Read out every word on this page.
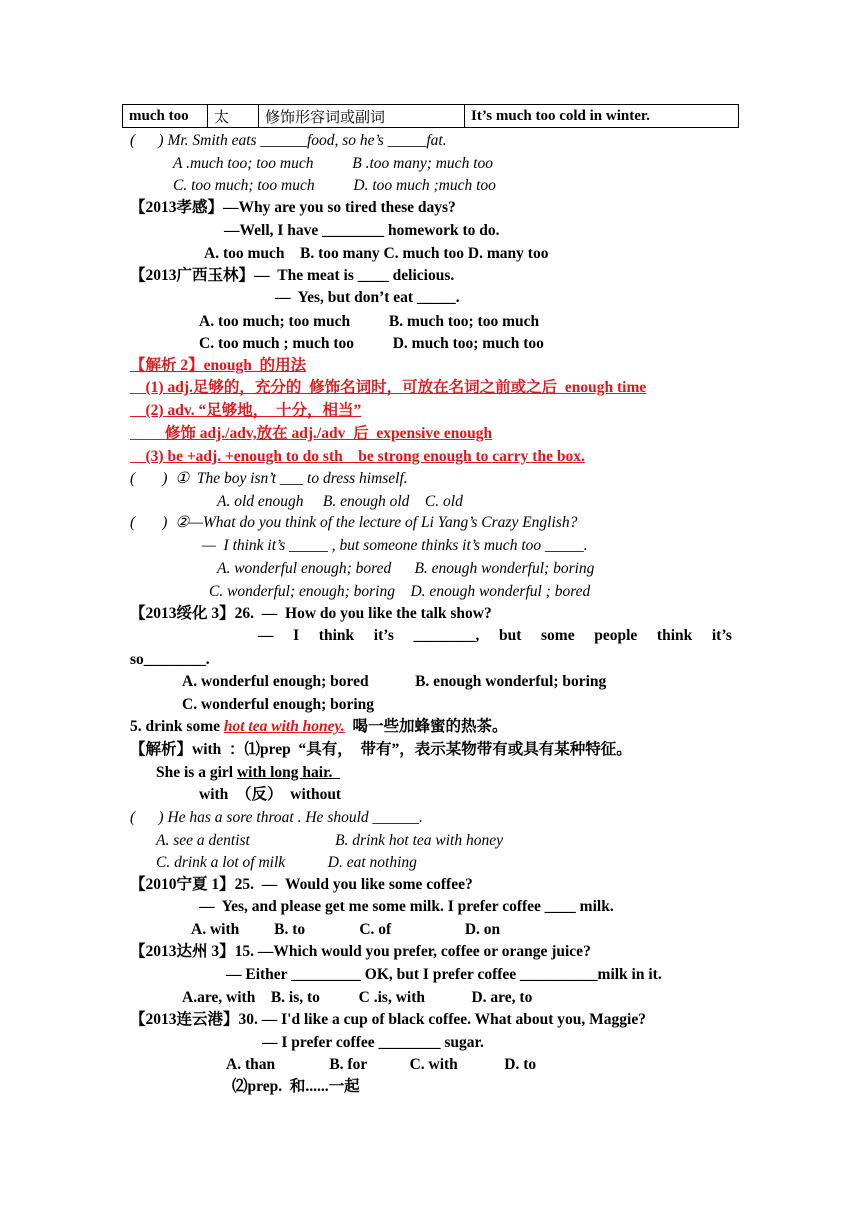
much too	太	修饰形容词或副词	It’s much too cold in winter.

(      ) Mr. Smith eats ______food, so he’s _____fat.

A .much too; too much          B .too many; much too

C. too much; too much          D. too much ;much too

【2013孝感】—Why are you so tired these days?

—Well, I have ________ homework to do.

A. too much    B. too many C. much too D. many too

【2013广西玉林】—  The meat is ____ delicious.

—  Yes, but don’t eat _____.

A. too much; too much          B. much too; too much

C. too much ; much too          D. much too; much too

【解析 2】enough  的用法

(1) adj.足够的，充分的  修饰名词时，可放在名词之前或之后  enough time

(2) adv. “足够地，  十分，相当”

修饰 adj./adv,放在 adj./adv  后  expensive enough

(3) be +adj. +enough to do sth    be strong enough to carry the box.

(       )  ①  The boy isn’t ___ to dress himself.

A. old enough     B. enough old    C. old

(       )  ②—What do you think of the lecture of Li Yang’s Crazy English?

—  I think it’s _____ , but someone thinks it’s much too _____.

A. wonderful enough; bored      B. enough wonderful; boring

C. wonderful; enough; boring    D. enough wonderful ; bored

【2013绥化 3】26.  —  How do you like the talk show?

— I think it’s ________, but some people think it’s

so________.

A. wonderful enough; bored            B. enough wonderful; boring

C. wonderful enough; boring

5. drink some hot tea with honey.  喝一些加蜂蜜的热茶。

【解析】with  ：⑴prep  “具有，  带有”，表示某物带有或具有某种特征。

She is a girl with long hair.

with  （反）  without

(      ) He has a sore throat . He should ______.

A. see a dentist                      B. drink hot tea with honey

C. drink a lot of milk           D. eat nothing

【2010宁夏 1】25.  —  Would you like some coffee?

—  Yes, and please get me some milk. I prefer coffee ____ milk.

A. with         B. to              C. of                   D. on

【2013达州 3】15. —Which would you prefer, coffee or orange juice?

— Either _________ OK, but I prefer coffee __________milk in it.

A.are, with    B. is, to          C .is, with            D. are, to

【2013连云港】30. — I'd like a cup of black coffee. What about you, Maggie?

— I prefer coffee ________ sugar.

A. than              B. for           C. with            D. to

⑵prep.  和......一起
